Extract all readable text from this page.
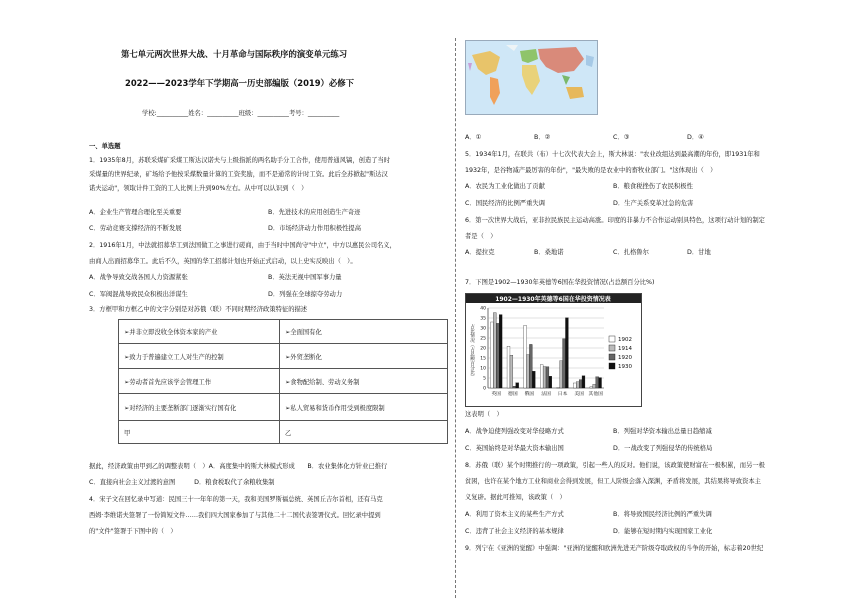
第七单元两次世界大战、十月革命与国际秩序的演变单元练习
2022——2023学年下学期高一历史部编版（2019）必修下
学校:__________姓名：__________班级：__________考号：__________
一、单选题
1．1935年8月，苏联采煤矿采煤工斯达汉诺夫与上级指派的两名助手分工合作，使用普通风镐，创造了当时
采煤量的世界纪录，矿场给予他按采煤数量计算的工资奖励，而不是通常的计时工资。此后全苏掀起"斯达汉
诺夫运动"，领取计件工资的工人比例上升到90%左右。从中可以认识到（　）
A．企业生产管理合理化至关重要	B．先进技术的应用创造生产奇迹
C．劳动竞赛支撑经济的不断发展	D．市场经济动力作用积极性提高
2．1916年1月，中法就招募华工到法国做工之事进行磋商，由于当时中国尚守"中立"，中方以惠民公司名义，
由商人出面招募华工。此后不久，英国的华工招募计划也开始正式启动，以上史实反映出（　）。
A．战争导致交战各国人力资源紧张	B．英法无视中国军事力量
C．军阀混战导致民众积极出洋谋生	D．列强在全球掠夺劳动力
3．方框甲和方框乙中的文字分别是对苏俄（联）不同时期经济政策特征的描述
➢并非立即没收全体资本家的产业	➢全面国有化
➢致力于普遍建立工人对生产的控制	➢外贸垄断化
➢劳动者首先应该学会管理工作	➢食物配给制、劳动义务制
➢对经济的主要垄断部门逐渐实行国有化	➢私人贸易和货币作用受到极度限制
甲	乙
据此，经济政策由甲到乙的调整表明（　）A．高度集中的斯大林模式形成　　B．农业集体化方针业已推行
C．直接向社会主义过渡的意图　　　D．粮食税取代了余粮收集制
4．宋子文在回忆录中写道：民国三十一年年的第一天，我和美国罗斯福总统、英国丘吉尔首相，还有马克
西姆·李维诺夫签署了一份简短文件……我们四大国家参加了与其他二十二国代表签署仪式。回忆录中提到
的"文件"签署于下图中的（　）
A．①	B．②	C．③	D．④
5．1934年1月，在联共（布）十七次代表大会上，斯大林说："农业改组达到最高潮的年份，即1931年和
1932年，是谷物减产最厉害的年份"，"最失败的是农业中的畜牧业部门。"这体现出（　）
A．农民为工业化做出了贡献	B．粮食税挫伤了农民积极性
C．国民经济的比例严重失调	D．生产关系变革过急的危害
6．第一次世界大战后，亚非拉民族民主运动高涨。印度的非暴力不合作运动别具特色，这项行动计划的制定
者是（　）
A．提拉克	B．桑地诺	C．扎格鲁尔	D．甘地
7．下图是1902—1930年英德等6国在华投资情况(占总额百分比%)
1902—1930年英德等6国在华投资情况表
占比情况（占总额百分比）
0
5
10
15
20
25
30
35
40
英国 德国 俄国 法国 日本 美国 其他国
1902
1914
1920
1930
这表明（　）
A．战争迫使列强改变对华侵略方式	B．列强对华资本输出总量日趋缩减
C．英国始终是对华最大资本输出国	D．一战改变了列强侵华的传统格局
8．苏俄（联）某个时期推行的一项政策，引起一些人的反对。他们说，该政策使财富在一极积累，而另一极
贫困，也许在某个地方工业和商业会得到发展，但工人阶级会落入深渊，矛盾将发展，其结果将导致资本主
义复辟。据此可推知，该政策（　）
A．利用了资本主义的某些生产方式	B．将导致国民经济比例的严重失调
C．违背了社会主义经济的基本规律	D．能够在短时期内实现国家工业化
9．列宁在《亚洲的觉醒》中强调："亚洲的觉醒和欧洲先进无产阶级夺取政权的斗争的开始，标志着20世纪
